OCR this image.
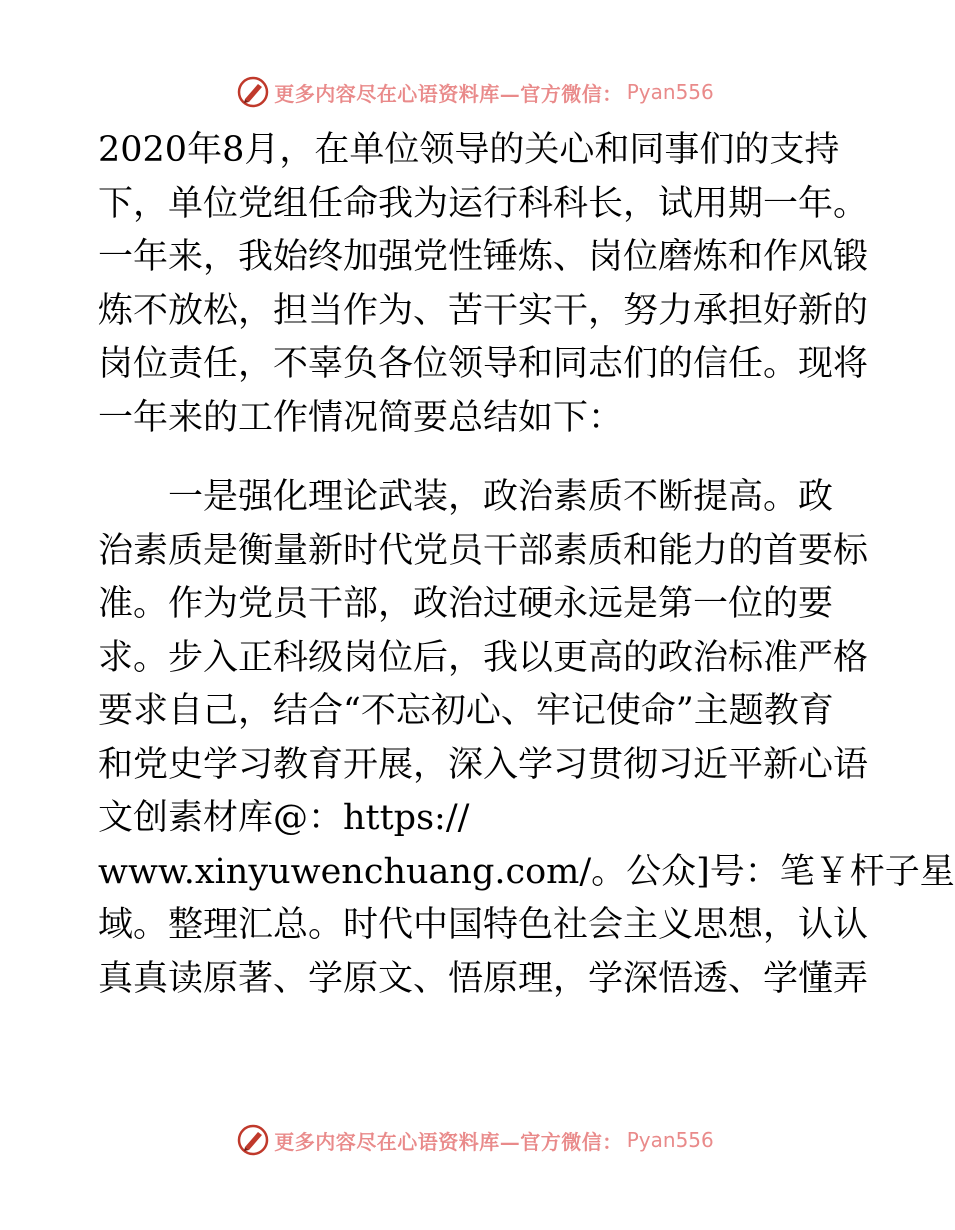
更多内容尽在心语资料库—官方微信： Pyan556
2020年8月，在单位领导的关心和同事们的支持
下，单位党组任命我为运行科科长，试用期一年。
一年来，我始终加强党性锤炼、岗位磨炼和作风锻
炼不放松，担当作为、苦干实干，努力承担好新的
岗位责任，不辜负各位领导和同志们的信任。现将
一年来的工作情况简要总结如下：
　　一是强化理论武装，政治素质不断提高。政
治素质是衡量新时代党员干部素质和能力的首要标
准。作为党员干部，政治过硬永远是第一位的要
求。步入正科级岗位后，我以更高的政治标准严格
要求自己，结合“不忘初心、牢记使命”主题教育
和党史学习教育开展，深入学习贯彻习近平新心语
文创素材库@：https://
www.xinyuwenchuang.com/。公众]号：笔￥杆子星
域。整理汇总。时代中国特色社会主义思想，认认
真真读原著、学原文、悟原理，学深悟透、学懂弄
更多内容尽在心语资料库—官方微信： Pyan556
